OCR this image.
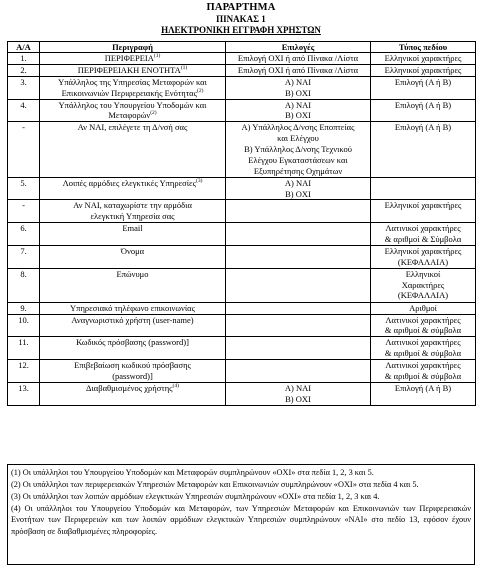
ΠΑΡΑΡΤΗΜΑ
ΠΙΝΑΚΑΣ 1
ΗΛΕΚΤΡΟΝΙΚΗ ΕΓΓΡΑΦΗ ΧΡΗΣΤΩΝ
Α/Α	Περιγραφή	Επιλογές	Τύπος πεδίου
1.	ΠΕΡΙΦΕΡΕΙΑ$^{(1)}$	Επιλογή ΟΧΙ ή από Πίνακα /Λίστα	Ελληνικοί χαρακτήρες

2.	ΠΕΡΙΦΕΡΕΙΑΚΗ ΕΝΟΤΗΤΑ$^{(1)}$	Επιλογή ΟΧΙ ή από Πίνακα /Λίστα	Ελληνικοί χαρακτήρες

3.	Υπάλληλος της Υπηρεσίας Μεταφορών και
Επικοινωνιών Περιφερειακής Ενότητας$^{(2)}$	Α) ΝΑΙ
Β) ΟΧΙ	Επιλογή (Α ή Β)

4.	Υπάλληλος του Υπουργείου Υποδομών και
Μεταφορών$^{(2)}$	Α) ΝΑΙ
Β) ΟΧΙ	Επιλογή (Α ή Β)

-	Αν ΝΑΙ, επιλέγετε τη Δ/νσή σας	Α) Υπάλληλος Δ/νσης Εποπτείας
και Ελέγχου
Β) Υπάλληλος Δ/νσης Τεχνικού
Ελέγχου Εγκαταστάσεων και
Εξυπηρέτησης Οχημάτων	Επιλογή (Α ή Β)

5.	Λοιπές αρμόδιες ελεγκτικές Υπηρεσίες$^{(3)}$	Α) ΝΑΙ
Β) ΟΧΙ	

-	Αν ΝΑΙ, καταχωρίστε την αρμόδια
ελεγκτική Υπηρεσία σας		Ελληνικοί χαρακτήρες

6.	Email		Λατινικοί χαρακτήρες
& αριθμοί & Σύμβολα

7.	Όνομα		Ελληνικοί χαρακτήρες
(ΚΕΦΑΛΑΙΑ)

8.	Επώνυμο		Ελληνικοί
Χαρακτήρες
(ΚΕΦΑΛΑΙΑ)

9.	Υπηρεσιακό τηλέφωνο επικοινωνίας		Αριθμοί

10.	Αναγνωριστικό χρήστη (user-name)		Λατινικοί χαρακτήρες
& αριθμοί & σύμβολα

11.	Κωδικός πρόσβασης (password)]		Λατινικοί χαρακτήρες
& αριθμοί & σύμβολα

12.	Επιβεβαίωση κωδικού πρόσβασης
(password)]		Λατινικοί χαρακτήρες
& αριθμοί & σύμβολα

13.	Διαβαθμισμένος χρήστης$^{(4)}$	Α) ΝΑΙ
Β) ΟΧΙ	Επιλογή (Α ή Β)

(1) Οι υπάλληλοι του Υπουργείου Υποδομών και Μεταφορών συμπληρώνουν «ΟΧΙ» στα πεδία 1, 2, 3 και 5.

(2) Οι υπάλληλοι των περιφερειακών Υπηρεσιών Μεταφορών και Επικοινωνιών συμπληρώνουν «ΟΧΙ» στα πεδία 4 και 5.

(3) Οι υπάλληλοι των λοιπών αρμόδιων ελεγκτικών Υπηρεσιών συμπληρώνουν «ΟΧΙ» στα πεδία 1, 2, 3 και 4.

(4) Οι υπάλληλοι του Υπουργείου Υποδομών και Μεταφορών, των Υπηρεσιών Μεταφορών και Επικοινωνιών των Περιφερειακών Ενοτήτων των Περιφερειών και των λοιπών αρμόδιων ελεγκτικών Υπηρεσιών συμπληρώνουν «ΝΑΙ» στο πεδίο 13, εφόσον έχουν πρόσβαση σε διαβαθμισμένες πληροφορίες.
